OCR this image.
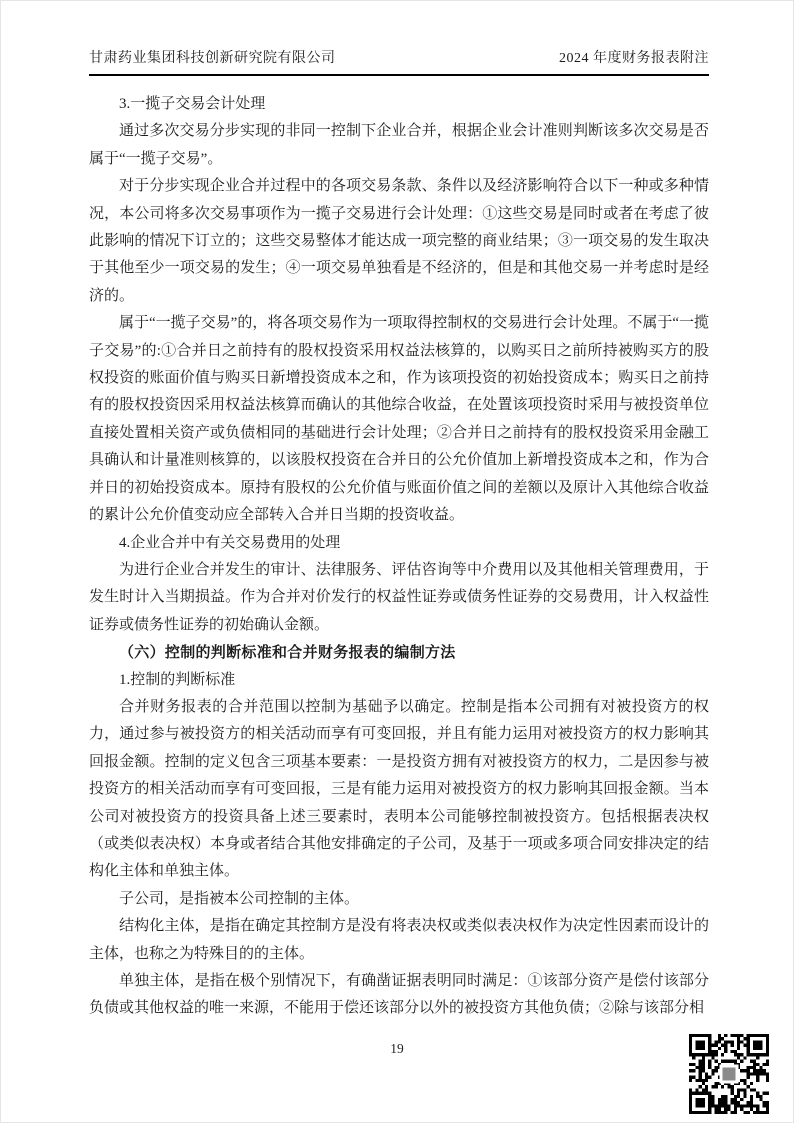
甘肃药业集团科技创新研究院有限公司	2024 年度财务报表附注

3.一揽子交易会计处理

通过多次交易分步实现的非同一控制下企业合并，根据企业会计准则判断该多次交易是否属于“一揽子交易”。

对于分步实现企业合并过程中的各项交易条款、条件以及经济影响符合以下一种或多种情况，本公司将多次交易事项作为一揽子交易进行会计处理：①这些交易是同时或者在考虑了彼此影响的情况下订立的；这些交易整体才能达成一项完整的商业结果；③一项交易的发生取决于其他至少一项交易的发生；④一项交易单独看是不经济的，但是和其他交易一并考虑时是经济的。

属于“一揽子交易”的，将各项交易作为一项取得控制权的交易进行会计处理。不属于“一揽子交易”的:①合并日之前持有的股权投资采用权益法核算的，以购买日之前所持被购买方的股权投资的账面价值与购买日新增投资成本之和，作为该项投资的初始投资成本；购买日之前持有的股权投资因采用权益法核算而确认的其他综合收益，在处置该项投资时采用与被投资单位直接处置相关资产或负债相同的基础进行会计处理；②合并日之前持有的股权投资采用金融工具确认和计量准则核算的，以该股权投资在合并日的公允价值加上新增投资成本之和，作为合并日的初始投资成本。原持有股权的公允价值与账面价值之间的差额以及原计入其他综合收益的累计公允价值变动应全部转入合并日当期的投资收益。

4.企业合并中有关交易费用的处理

为进行企业合并发生的审计、法律服务、评估咨询等中介费用以及其他相关管理费用，于发生时计入当期损益。作为合并对价发行的权益性证券或债务性证券的交易费用，计入权益性证券或债务性证券的初始确认金额。

（六）控制的判断标准和合并财务报表的编制方法

1.控制的判断标准

合并财务报表的合并范围以控制为基础予以确定。控制是指本公司拥有对被投资方的权力，通过参与被投资方的相关活动而享有可变回报，并且有能力运用对被投资方的权力影响其回报金额。控制的定义包含三项基本要素：一是投资方拥有对被投资方的权力，二是因参与被投资方的相关活动而享有可变回报，三是有能力运用对被投资方的权力影响其回报金额。当本公司对被投资方的投资具备上述三要素时，表明本公司能够控制被投资方。包括根据表决权（或类似表决权）本身或者结合其他安排确定的子公司，及基于一项或多项合同安排决定的结构化主体和单独主体。

子公司，是指被本公司控制的主体。

结构化主体，是指在确定其控制方是没有将表决权或类似表决权作为决定性因素而设计的主体，也称之为特殊目的的主体。

单独主体，是指在极个别情况下，有确凿证据表明同时满足：①该部分资产是偿付该部分负债或其他权益的唯一来源，不能用于偿还该部分以外的被投资方其他负债；②除与该部分相

19
